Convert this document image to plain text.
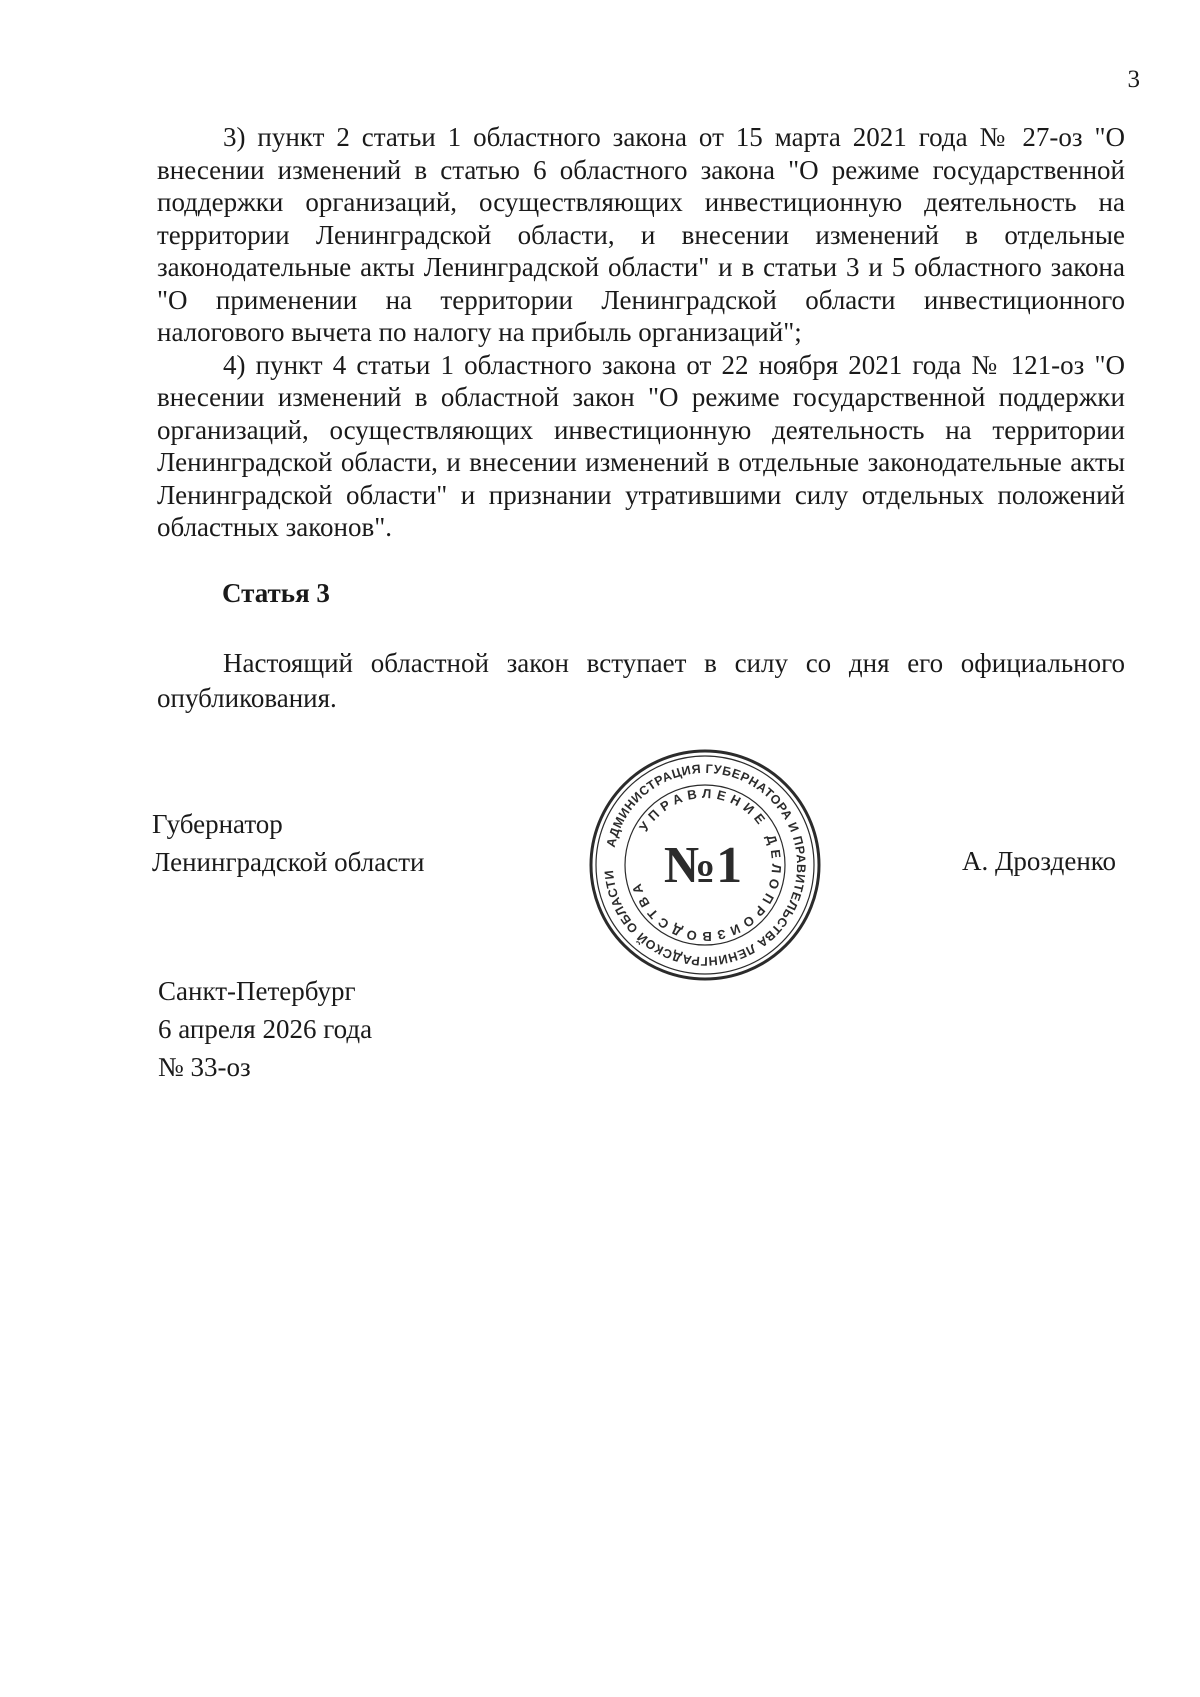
3

3) пункт 2 статьи 1 областного закона от 15 марта 2021 года № 27-оз "О внесении изменений в статью 6 областного закона "О режиме государственной поддержки организаций, осуществляющих инвестиционную деятельность на территории Ленинградской области, и внесении изменений в отдельные законодательные акты Ленинградской области" и в статьи 3 и 5 областного закона "О применении на территории Ленинградской области инвестиционного налогового вычета по налогу на прибыль организаций";

4) пункт 4 статьи 1 областного закона от 22 ноября 2021 года № 121-оз "О внесении изменений в областной закон "О режиме государственной поддержки организаций, осуществляющих инвестиционную деятельность на территории Ленинградской области, и внесении изменений в отдельные законодательные акты Ленинградской области" и признании утратившими силу отдельных положений областных законов".

Статья 3

Настоящий областной закон вступает в силу со дня его официального опубликования.

Губернатор
Ленинградской области
АДМИНИСТРАЦИЯ ГУБЕРНАТОРА И ПРАВИТЕЛЬСТВА ЛЕНИНГРАДСКОЙ ОБЛАСТИ
УПРАВЛЕНИЕ ДЕЛОПРОИЗВОДСТВА №1	А. Дрозденко
Санкт-Петербург
6 апреля 2026 года
№ 33-оз
